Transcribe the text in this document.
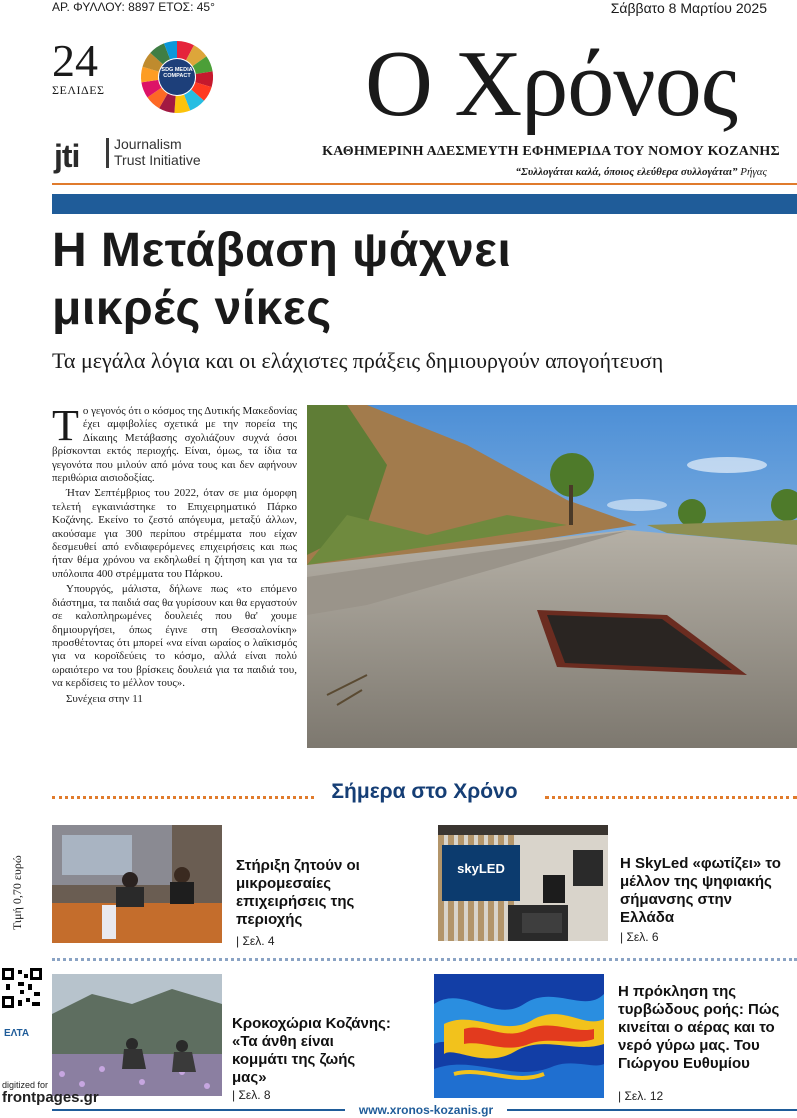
ΑΡ. ΦΥΛΛΟΥ: 8897 ΕΤΟΣ: 45°	Σάββατο 8 Μαρτίου 2025
24
ΣΕΛΙΔΕΣ
SDG MEDIA COMPACT
jti Journalism
Trust Initiative
Ο Χρόνος
ΚΑΘΗΜΕΡΙΝΗ ΑΔΕΣΜΕΥΤΗ ΕΦΗΜΕΡΙΔΑ ΤΟΥ ΝΟΜΟΥ ΚΟΖΑΝΗΣ
“Συλλογάται καλά, όποιος ελεύθερα συλλογάται” Ρήγας
Η Μετάβαση ψάχνει
μικρές νίκες
Τα μεγάλα λόγια και οι ελάχιστες πράξεις δημιουργούν απογοήτευση

Το γεγονός ότι ο κόσμος της Δυτικής Μακεδονίας έχει αμφιβολίες σχετικά με την πορεία της Δίκαιης Μετάβασης σχολιάζουν συχνά όσοι βρίσκονται εκτός περιοχής. Είναι, όμως, τα ίδια τα γεγονότα που μιλούν από μόνα τους και δεν αφήνουν περιθώρια αισιοδοξίας.

Ήταν Σεπτέμβριος του 2022, όταν σε μια όμορφη τελετή εγκαινιάστηκε το Επιχειρηματικό Πάρκο Κοζάνης. Εκείνο το ζεστό απόγευμα, μεταξύ άλλων, ακούσαμε για 300 περίπου στρέμματα που είχαν δεσμευθεί από ενδιαφερόμενες επιχειρήσεις και πως ήταν θέμα χρόνου να εκδηλωθεί η ζήτηση και για τα υπόλοιπα 400 στρέμματα του Πάρκου.

Υπουργός, μάλιστα, δήλωνε πως «το επόμενο διάστημα, τα παιδιά σας θα γυρίσουν και θα εργαστούν σε καλοπληρωμένες δουλειές που θα' χουμε δημιουργήσει, όπως έγινε στη Θεσσαλονίκη» προσθέτοντας ότι μπορεί «να είναι ωραίος ο λαϊκισμός για να κοροϊδεύεις το κόσμο, αλλά είναι πολύ ωραιότερο να του βρίσκεις δουλειά για τα παιδιά του, να κερδίσεις το μέλλον τους».

Συνέχεια στην 11

Σήμερα στο Χρόνο
Τιμή 0,70 ευρώ	Στήριξη ζητούν οι μικρομεσαίες επιχειρήσεις της περιοχής
| Σελ. 4
skyLED	Η SkyLed «φωτίζει» το μέλλον της ψηφιακής σήμανσης στην Ελλάδα
| Σελ. 6
Κροκοχώρια Κοζάνης: «Τα άνθη είναι κομμάτι της ζωής μας»
| Σελ. 8
Η πρόκληση της τυρβώδους ροής: Πώς κινείται ο αέρας και το νερό γύρω μας. Του Γιώργου Ευθυμίου
| Σελ. 12
ΕΛΤΑ
digitized for
frontpages.gr
www.xronos-kozanis.gr
